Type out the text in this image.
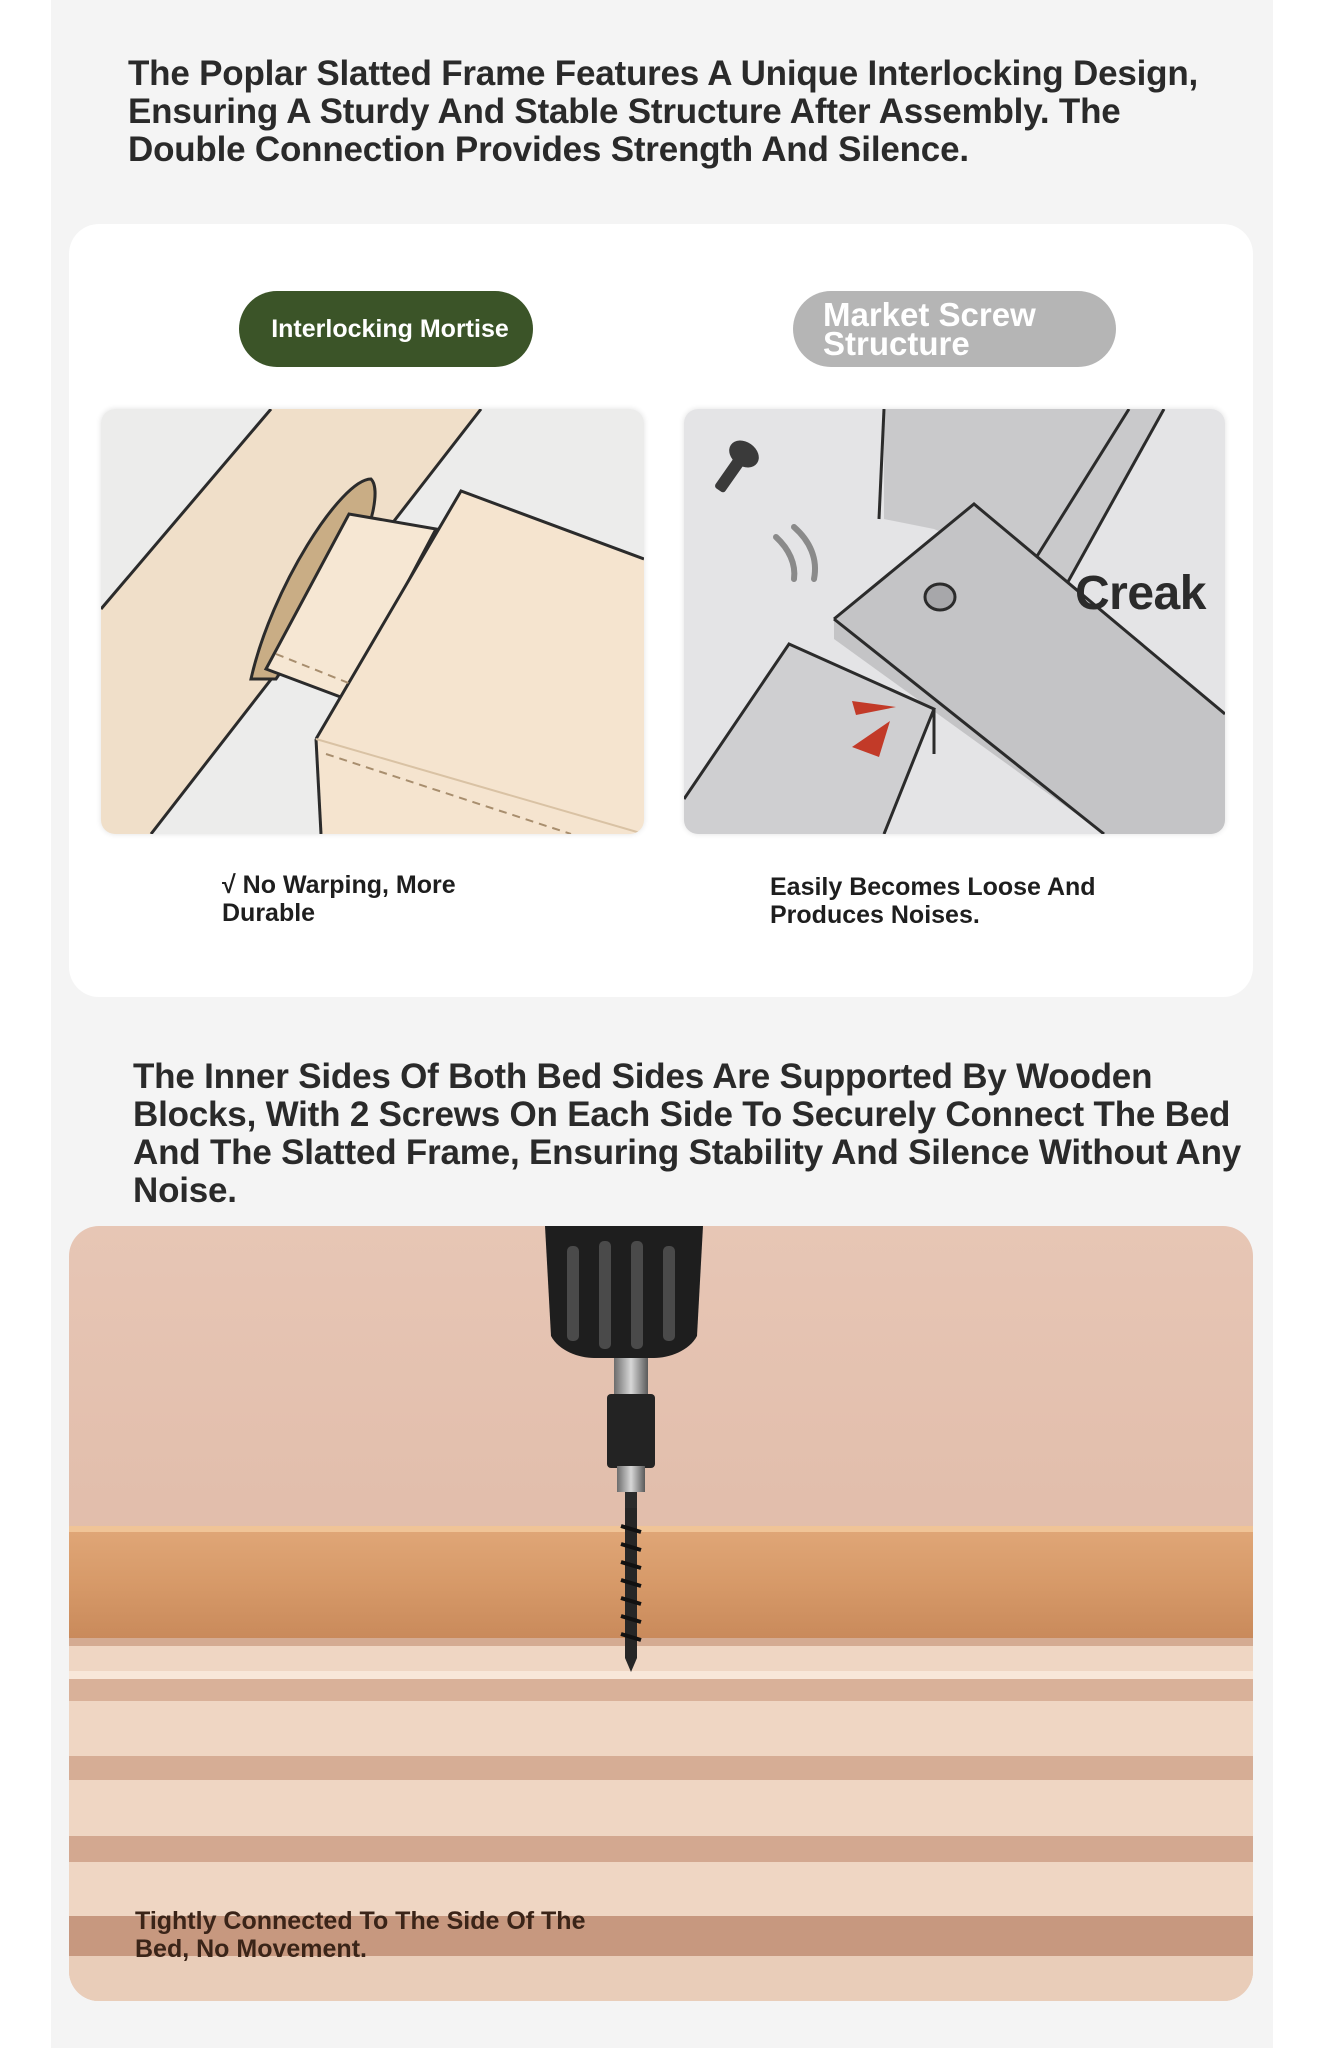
The Poplar Slatted Frame Features A Unique Interlocking Design, Ensuring A Sturdy And Stable Structure After Assembly. The Double Connection Provides Strength And Silence.
Interlocking Mortise	Market Screw Structure
Creak

√ No Warping, More Durable

Easily Becomes Loose And Produces Noises.

The Inner Sides Of Both Bed Sides Are Supported By Wooden Blocks, With 2 Screws On Each Side To Securely Connect The Bed And The Slatted Frame, Ensuring Stability And Silence Without Any Noise.

Tightly Connected To The Side Of The Bed, No Movement.
